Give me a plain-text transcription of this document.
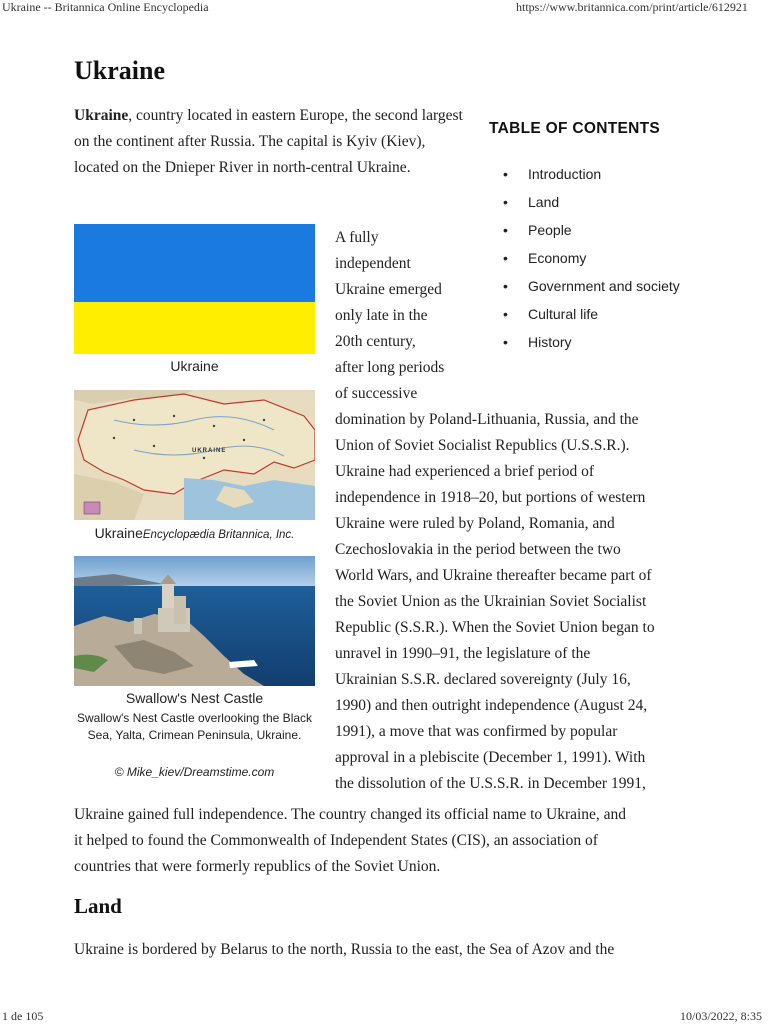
Ukraine -- Britannica Online Encyclopedia	https://www.britannica.com/print/article/612921
Ukraine

Ukraine, country located in eastern Europe, the second largest on the continent after Russia. The capital is Kyiv (Kiev), located on the Dnieper River in north-central Ukraine.

TABLE OF CONTENTS
• Introduction
• Land
• People
• Economy
• Government and society
• Cultural life
• History
Ukraine
UKRAINE
UkraineEncyclopædia Britannica, Inc.
Swallow's Nest Castle
Swallow's Nest Castle overlooking the Black Sea, Yalta, Crimean Peninsula, Ukraine.
© Mike_kiev/Dreamstime.com
A fully
independent
Ukraine emerged
only late in the
20th century,
after long periods
of successive
domination by Poland-Lithuania, Russia, and the
Union of Soviet Socialist Republics (U.S.S.R.).
Ukraine had experienced a brief period of
independence in 1918–20, but portions of western
Ukraine were ruled by Poland, Romania, and
Czechoslovakia in the period between the two
World Wars, and Ukraine thereafter became part of
the Soviet Union as the Ukrainian Soviet Socialist
Republic (S.S.R.). When the Soviet Union began to
unravel in 1990–91, the legislature of the
Ukrainian S.S.R. declared sovereignty (July 16,
1990) and then outright independence (August 24,
1991), a move that was confirmed by popular
approval in a plebiscite (December 1, 1991). With
the dissolution of the U.S.S.R. in December 1991,
Ukraine gained full independence. The country changed its official name to Ukraine, and
it helped to found the Commonwealth of Independent States (CIS), an association of
countries that were formerly republics of the Soviet Union.
Land
Ukraine is bordered by Belarus to the north, Russia to the east, the Sea of Azov and the
1 de 105	10/03/2022, 8:35
